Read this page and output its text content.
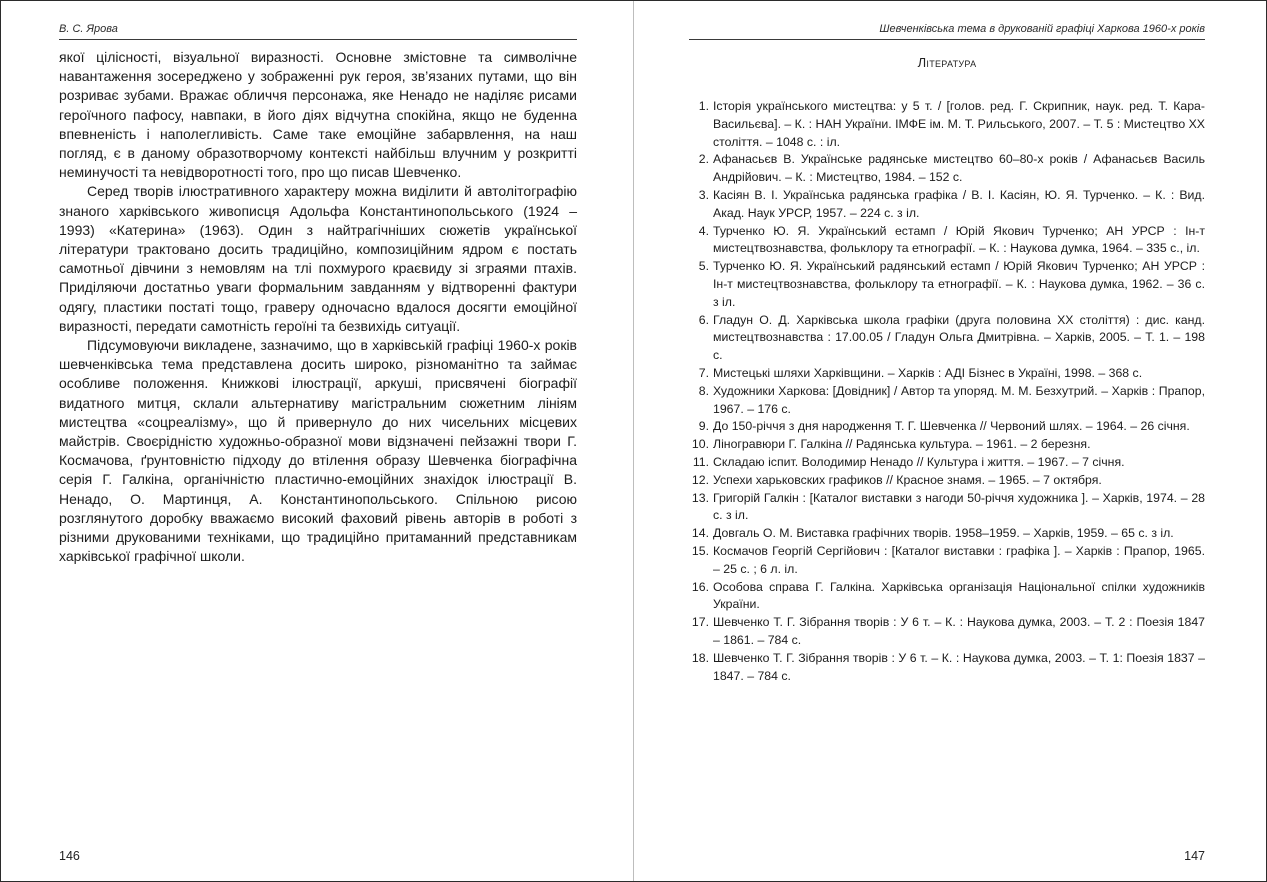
В. С. Ярова

якої цілісності, візуальної виразності. Основне змістовне та символічне навантаження зосереджено у зображенні рук героя, зв’язаних путами, що він розриває зубами. Вражає обличчя персонажа, яке Ненадо не наділяє рисами героїчного пафосу, навпаки, в його діях відчутна спокійна, якщо не буденна впевненість і наполегливість. Саме таке емоційне забарвлення, на наш погляд, є в даному образотворчому контексті найбільш влучним у розкритті неминучості та невідворотності того, про що писав Шевченко.

Серед творів ілюстративного характеру можна виділити й автолітографію знаного харківського живописця Адольфа Константинопольського (1924 – 1993) «Катерина» (1963). Один з найтрагічніших сюжетів української літератури трактовано досить традиційно, композиційним ядром є постать самотньої дівчини з немовлям на тлі похмурого краєвиду зі зграями птахів. Приділяючи достатньо уваги формальним завданням у відтворенні фактури одягу, пластики постаті тощо, граверу одночасно вдалося досягти емоційної виразності, передати самотність героїні та безвихідь ситуації.

Підсумовуючи викладене, зазначимо, що в харківській графіці 1960-х років шевченківська тема представлена досить широко, різноманітно та займає особливе положення. Книжкові ілюстрації, аркуші, присвячені біографії видатного митця, склали альтернативу магістральним сюжетним лініям мистецтва «соцреалізму», що й привернуло до них чисельних місцевих майстрів. Своєрідністю художньо-образної мови відзначені пейзажні твори Г. Космачова, ґрунтовністю підходу до втілення образу Шевченка біографічна серія Г. Галкіна, органічністю пластично-емоційних знахідок ілюстрації В. Ненадо, О. Мартинця, А. Константинопольського. Спільною рисою розглянутого доробку вважаємо високий фаховий рівень авторів в роботі з різними друкованими техніками, що традиційно притаманний представникам харківської графічної школи.

146
Шевченківська тема в друкованій графіці Харкова 1960-х років
Література
1. Історія українського мистецтва: у 5 т. / [голов. ред. Г. Скрипник, наук. ред. Т. Кара-Васильєва]. – К. : НАН України. ІМФЕ ім. М. Т. Рильського, 2007. – Т. 5 : Мистецтво ХХ століття. – 1048 с. : іл.
2. Афанасьєв В. Українське радянське мистецтво 60–80-х років / Афанасьєв Василь Андрійович. – К. : Мистецтво, 1984. – 152 с.
3. Касіян В. І. Українська радянська графіка / В. І. Касіян, Ю. Я. Турченко. – К. : Вид. Акад. Наук УРСР, 1957. – 224 с. з іл.
4. Турченко Ю. Я. Український естамп / Юрій Якович Турченко; АН УРСР : Ін-т мистецтвознавства, фольклору та етнографії. – К. : Наукова думка, 1964. – 335 с., іл.
5. Турченко Ю. Я. Український радянський естамп / Юрій Якович Турченко; АН УРСР : Ін-т мистецтвознавства, фольклору та етнографії. – К. : Наукова думка, 1962. – 36 с. з іл.
6. Гладун О. Д. Харківська школа графіки (друга половина ХХ століття) : дис. канд. мистецтвознавства : 17.00.05 / Гладун Ольга Дмитрівна. – Харків, 2005. – Т. 1. – 198 с.
7. Мистецькі шляхи Харківщини. – Харків : АДІ Бізнес в Україні, 1998. – 368 с.
8. Художники Харкова: [Довідник] / Автор та упоряд. М. М. Безхутрий. – Харків : Прапор, 1967. – 176 с.
9. До 150-річчя з дня народження Т. Г. Шевченка // Червоний шлях. – 1964. – 26 січня.
10. Ліногравюри Г. Галкіна // Радянська культура. – 1961. – 2 березня.
11. Складаю іспит. Володимир Ненадо // Культура і життя. – 1967. – 7 січня.
12. Успехи харьковских графиков // Красное знамя. – 1965. – 7 октября.
13. Григорій Галкін : [Каталог виставки з нагоди 50-річчя художника ]. – Харків, 1974. – 28 с. з іл.
14. Довгаль О. М. Виставка графічних творів. 1958–1959. – Харків, 1959. – 65 с. з іл.
15. Космачов Георгій Сергійович : [Каталог виставки : графіка ]. – Харків : Прапор, 1965. – 25 с. ; 6 л. іл.
16. Особова справа Г. Галкіна. Харківська організація Національної спілки художників України.
17. Шевченко Т. Г. Зібрання творів : У 6 т. – К. : Наукова думка, 2003. – Т. 2 : Поезія 1847 – 1861. – 784 с.
18. Шевченко Т. Г. Зібрання творів : У 6 т. – К. : Наукова думка, 2003. – Т. 1: Поезія 1837 – 1847. – 784 с.
147
